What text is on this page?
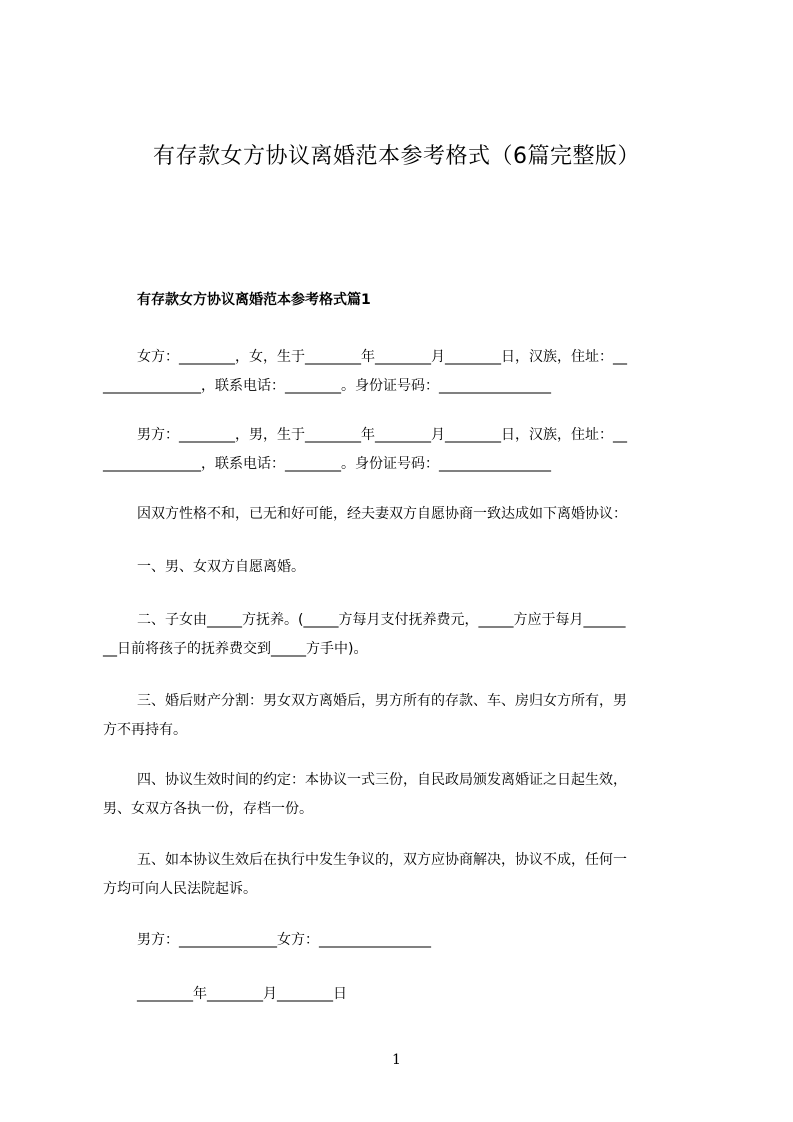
有存款女方协议离婚范本参考格式（6篇完整版）
有存款女方协议离婚范本参考格式篇1
女方：________，女，生于________年________月________日，汉族，住址：__
______________，联系电话：________。身份证号码：________________
男方：________，男，生于________年________月________日，汉族，住址：__
______________，联系电话：________。身份证号码：________________
因双方性格不和，已无和好可能，经夫妻双方自愿协商一致达成如下离婚协议：
一、男、女双方自愿离婚。
二、子女由_____方抚养。(_____方每月支付抚养费元，_____方应于每月______
__日前将孩子的抚养费交到_____方手中)。
三、婚后财产分割：男女双方离婚后，男方所有的存款、车、房归女方所有，男
方不再持有。
四、协议生效时间的约定：本协议一式三份，自民政局颁发离婚证之日起生效，
男、女双方各执一份，存档一份。
五、如本协议生效后在执行中发生争议的，双方应协商解决，协议不成，任何一
方均可向人民法院起诉。
男方：______________女方：________________
________年________月________日
1
